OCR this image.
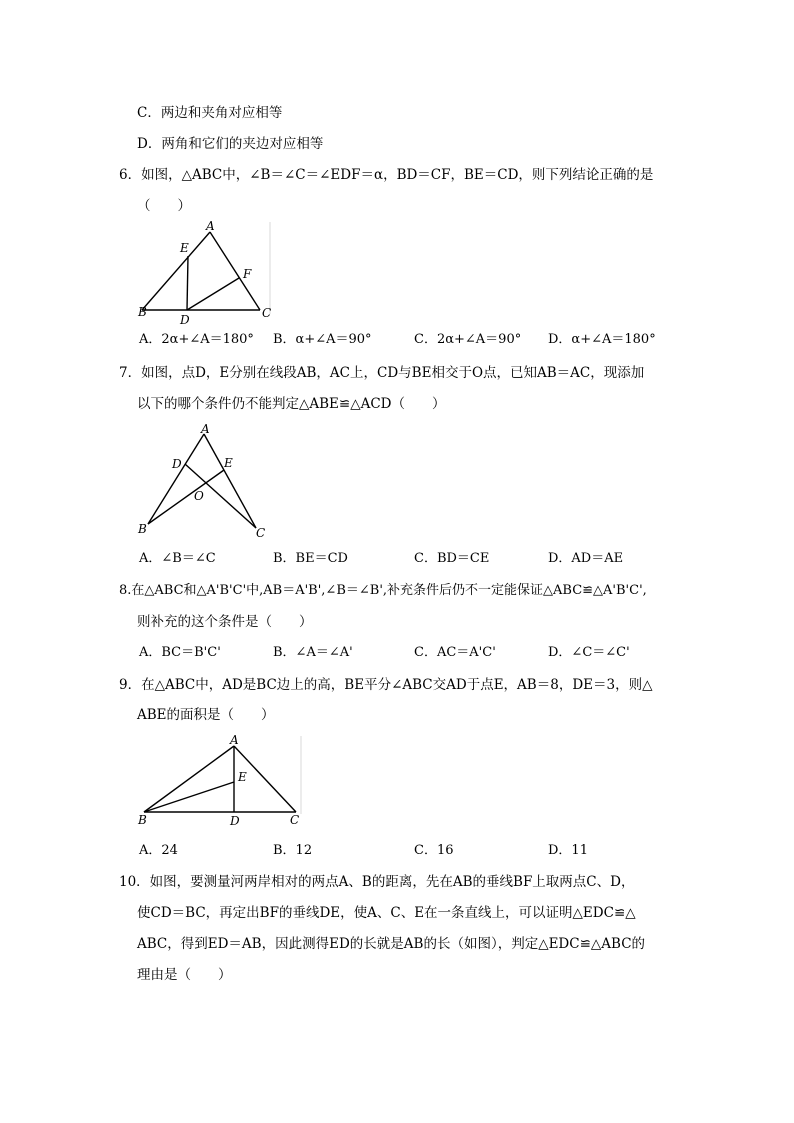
C．两边和夹角对应相等
D．两角和它们的夹边对应相等
6．如图，△ABC中，∠B＝∠C＝∠EDF＝α，BD＝CF，BE＝CD，则下列结论正确的是
（　　）
A
E
F
B
D	C
A．2α+∠A＝180° B．α+∠A＝90°	C．2α+∠A＝90° D．α+∠A＝180°
7．如图，点D，E分别在线段AB，AC上，CD与BE相交于O点，已知AB＝AC，现添加
以下的哪个条件仍不能判定△ABE≌△ACD（　　）
A
D	E
O
B	C
A．∠B＝∠C	B．BE＝CD	C．BD＝CE	D．AD＝AE
8.在△ABC和△A'B'C'中,AB＝A'B',∠B＝∠B',补充条件后仍不一定能保证△ABC≌△A'B'C',
则补充的这个条件是（　　）
A．BC＝B'C'	B．∠A＝∠A'	C．AC＝A'C'	D．∠C＝∠C'
9．在△ABC中，AD是BC边上的高，BE平分∠ABC交AD于点E，AB＝8，DE＝3，则△
ABE的面积是（　　）
A
E
B	D	C
A．24	B．12	C．16	D．11
10．如图，要测量河两岸相对的两点A、B的距离，先在AB的垂线BF上取两点C、D，
使CD＝BC，再定出BF的垂线DE，使A、C、E在一条直线上，可以证明△EDC≌△
ABC，得到ED＝AB，因此测得ED的长就是AB的长（如图），判定△EDC≌△ABC的
理由是（　　）
